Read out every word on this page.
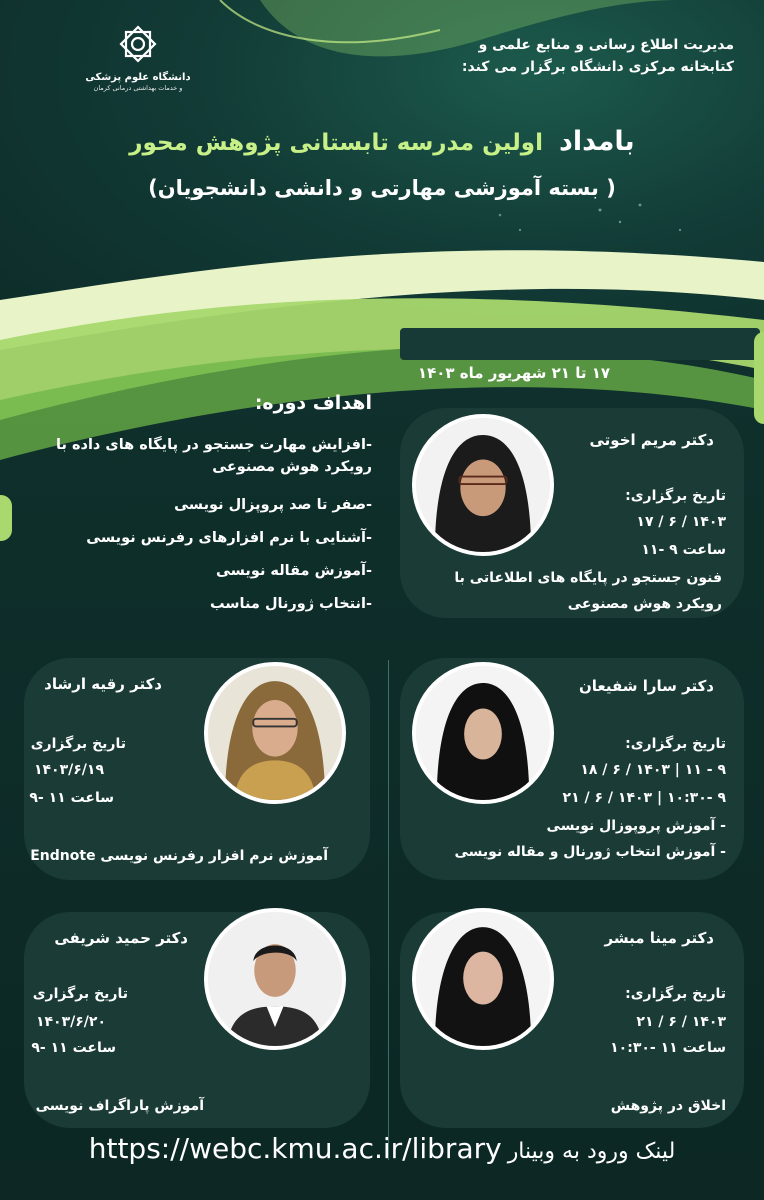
دانشگاه علوم پزشکی
و خدمات بهداشتی درمانی کرمان
مدیریت اطلاع رسانی و منابع علمی و
کتابخانه مرکزی دانشگاه برگزار می کند:
بامداد اولین مدرسه تابستانی پژوهش محور
( بسته آموزشی مهارتی و دانشی دانشجویان)
۱۷ تا ۲۱ شهریور ماه ۱۴۰۳
اهداف دوره:
-افزایش مهارت جستجو در پایگاه های داده با رویکرد هوش مصنوعی
-صفر تا صد پروپزال نویسی
-آشنایی با نرم افزارهای رفرنس نویسی
-آموزش مقاله نویسی
-انتخاب ژورنال مناسب
دکتر مریم اخوتی
تاریخ برگزاری:
۱۴۰۳ / ۶ / ۱۷
ساعت ۹ -۱۱
فنون جستجو در پایگاه های اطلاعاتی با
رویکرد هوش مصنوعی
دکتر رقیه ارشاد
تاریخ برگزاری
۱۴۰۳/۶/۱۹
ساعت ۱۱ -۹
آموزش نرم افزار رفرنس نویسی Endnote
دکتر سارا شفیعان
تاریخ برگزاری:
۹ - ۱۱ | ۱۴۰۳ / ۶ / ۱۸
۹ -۱۰:۳۰ | ۱۴۰۳ / ۶ / ۲۱
- آموزش پروپوزال نویسی
- آموزش انتخاب ژورنال و مقاله نویسی
دکتر حمید شریفی
تاریخ برگزاری
۱۴۰۳/۶/۲۰
ساعت ۱۱ -۹
آموزش پاراگراف نویسی
دکتر مینا مبشر
تاریخ برگزاری:
۱۴۰۳ / ۶ / ۲۱
ساعت ۱۱ -۱۰:۳۰
اخلاق در پژوهش
https://webc.kmu.ac.ir/library لینک ورود به وبینار
